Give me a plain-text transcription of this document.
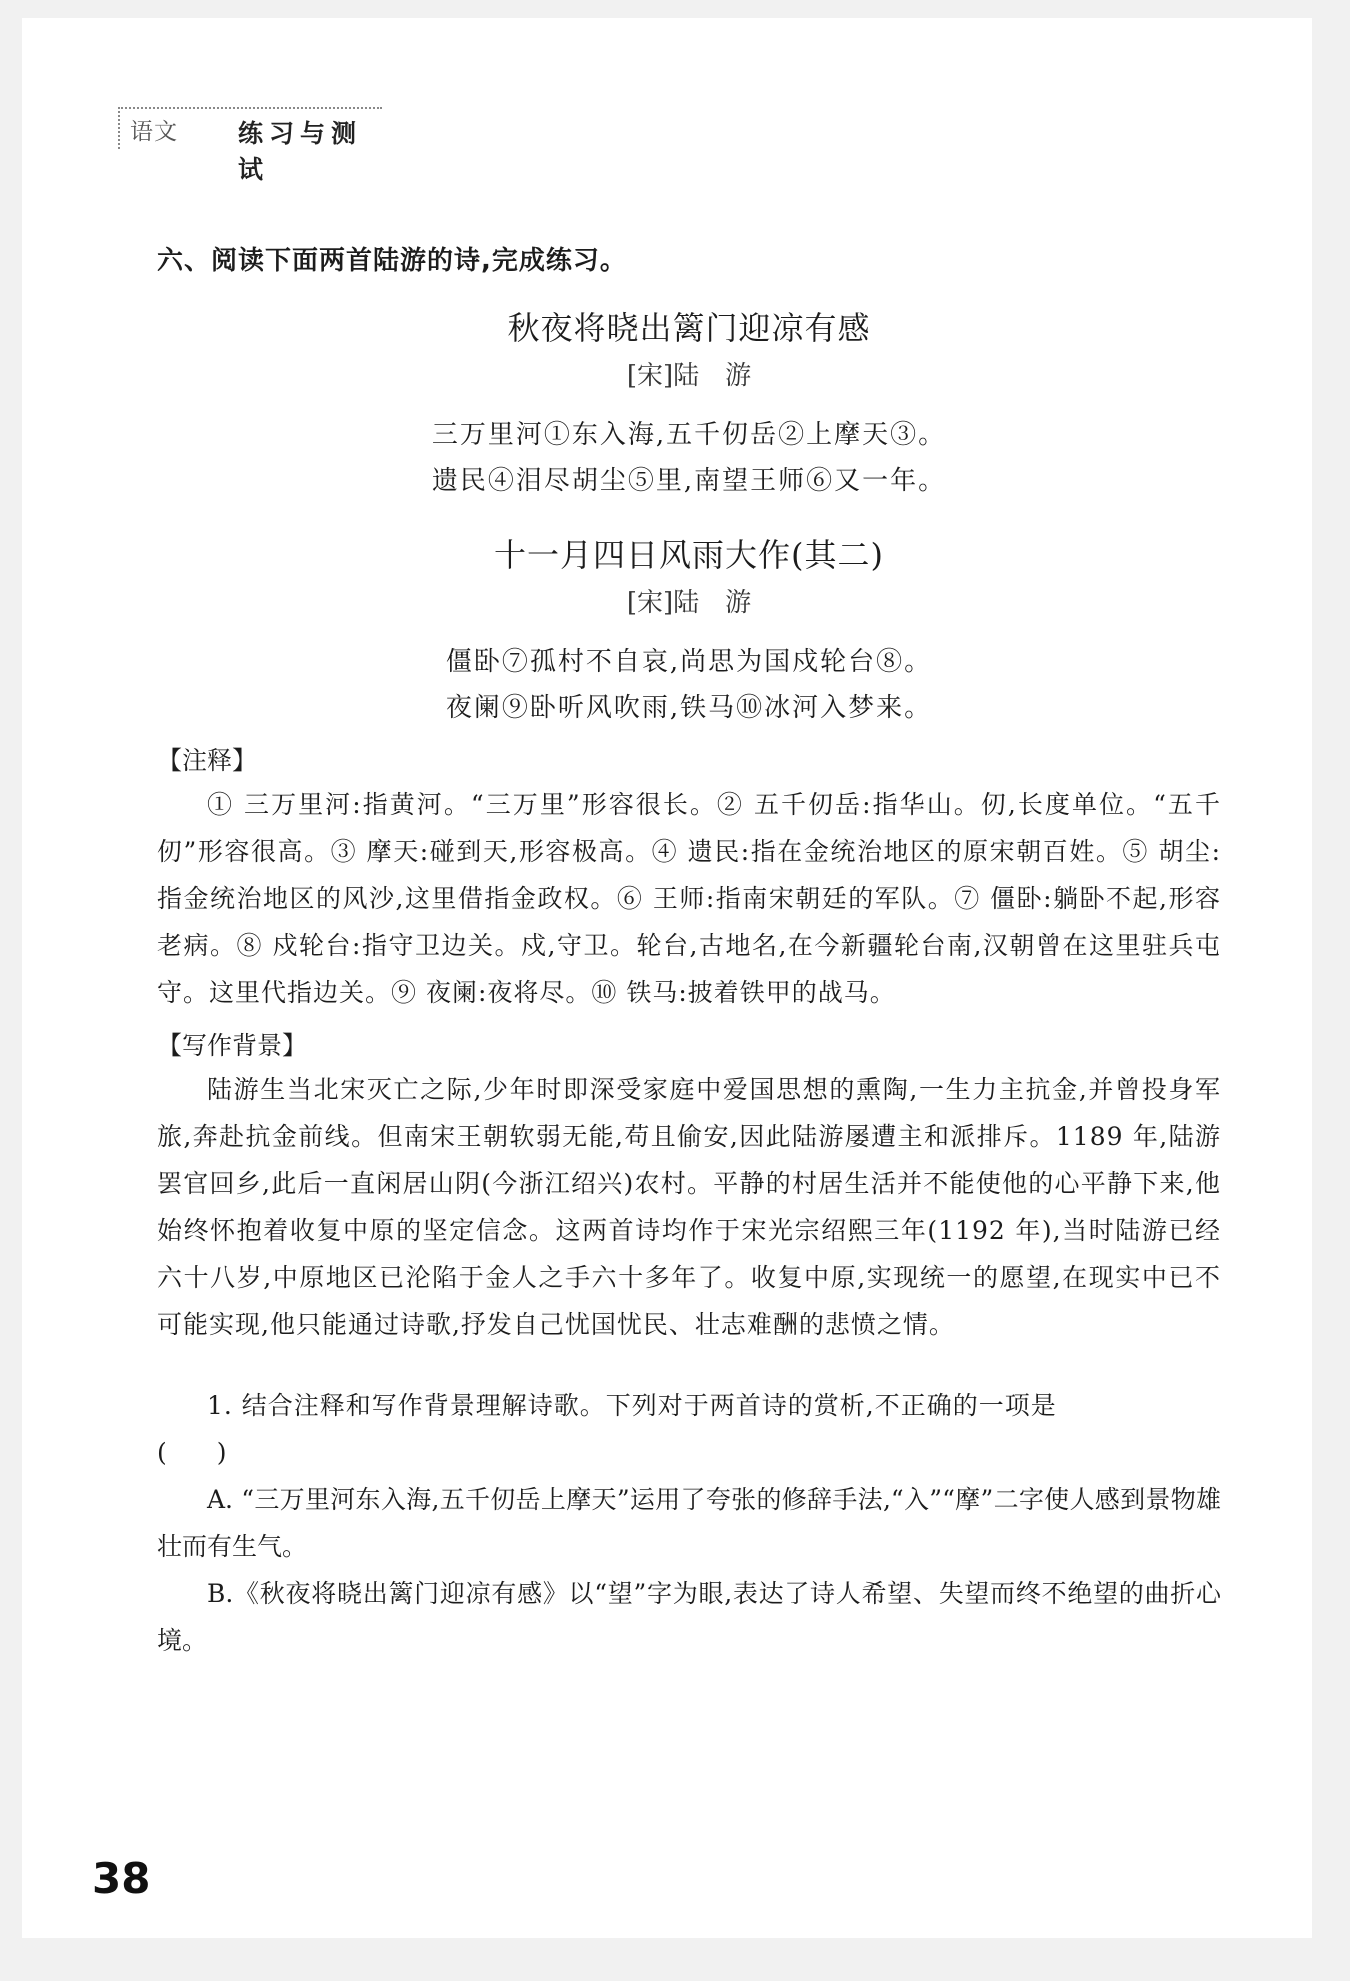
语文 练习与测试

六、阅读下面两首陆游的诗,完成练习。

秋夜将晓出篱门迎凉有感
[宋]陆　游
三万里河①东入海,五千仞岳②上摩天③。
遗民④泪尽胡尘⑤里,南望王师⑥又一年。
十一月四日风雨大作(其二)
[宋]陆　游
僵卧⑦孤村不自哀,尚思为国戍轮台⑧。
夜阑⑨卧听风吹雨,铁马⑩冰河入梦来。
【注释】

① 三万里河:指黄河。“三万里”形容很长。② 五千仞岳:指华山。仞,长度单位。“五千仞”形容很高。③ 摩天:碰到天,形容极高。④ 遗民:指在金统治地区的原宋朝百姓。⑤ 胡尘:指金统治地区的风沙,这里借指金政权。⑥ 王师:指南宋朝廷的军队。⑦ 僵卧:躺卧不起,形容老病。⑧ 戍轮台:指守卫边关。戍,守卫。轮台,古地名,在今新疆轮台南,汉朝曾在这里驻兵屯守。这里代指边关。⑨ 夜阑:夜将尽。⑩ 铁马:披着铁甲的战马。

【写作背景】

陆游生当北宋灭亡之际,少年时即深受家庭中爱国思想的熏陶,一生力主抗金,并曾投身军旅,奔赴抗金前线。但南宋王朝软弱无能,苟且偷安,因此陆游屡遭主和派排斥。1189 年,陆游罢官回乡,此后一直闲居山阴(今浙江绍兴)农村。平静的村居生活并不能使他的心平静下来,他始终怀抱着收复中原的坚定信念。这两首诗均作于宋光宗绍熙三年(1192 年),当时陆游已经六十八岁,中原地区已沦陷于金人之手六十多年了。收复中原,实现统一的愿望,在现实中已不可能实现,他只能通过诗歌,抒发自己忧国忧民、壮志难酬的悲愤之情。

1. 结合注释和写作背景理解诗歌。下列对于两首诗的赏析,不正确的一项是

(　　)

A. “三万里河东入海,五千仞岳上摩天”运用了夸张的修辞手法,“入”“摩”二字使人感到景物雄壮而有生气。

B.《秋夜将晓出篱门迎凉有感》以“望”字为眼,表达了诗人希望、失望而终不绝望的曲折心境。

38
